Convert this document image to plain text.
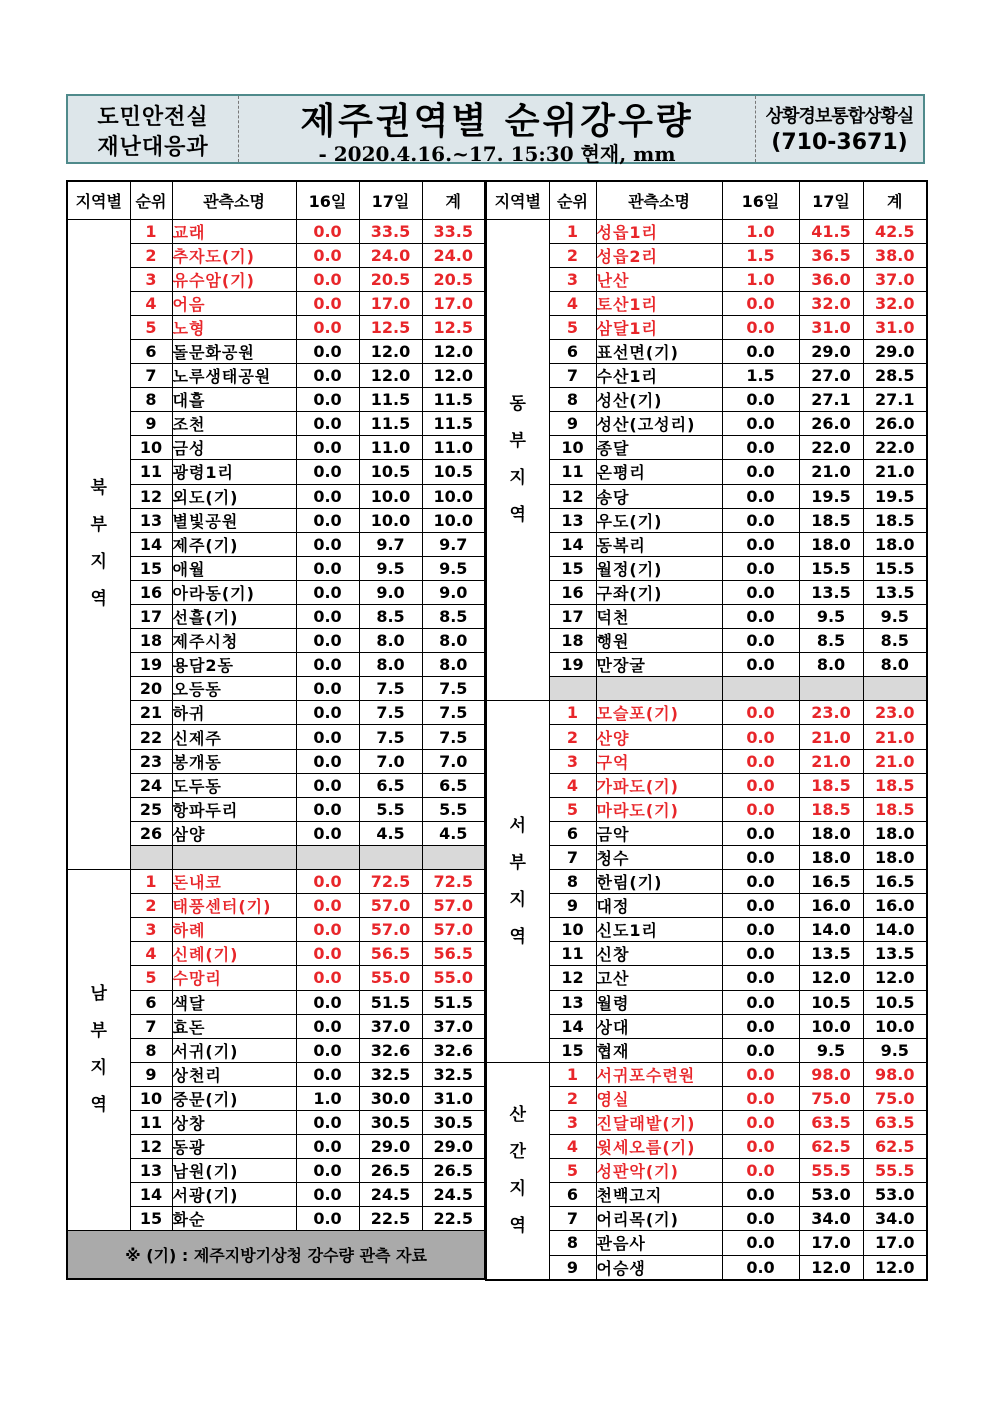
도민안전실
재난대응과
제주권역별 순위강우량
- 2020.4.16.~17. 15:30 현재, mm
상황경보통합상황실
(710-3671)
지역별	순위	관측소명	16일	17일	계
북
부
지
역	1	교래	0.0	33.5	33.5
	2	추자도(기)	0.0	24.0	24.0
	3	유수암(기)	0.0	20.5	20.5
	4	어음	0.0	17.0	17.0
	5	노형	0.0	12.5	12.5
	6	돌문화공원	0.0	12.0	12.0
	7	노루생태공원	0.0	12.0	12.0
	8	대흘	0.0	11.5	11.5
	9	조천	0.0	11.5	11.5
	10	금성	0.0	11.0	11.0
	11	광령1리	0.0	10.5	10.5
	12	외도(기)	0.0	10.0	10.0
	13	별빛공원	0.0	10.0	10.0
	14	제주(기)	0.0	9.7	9.7
	15	애월	0.0	9.5	9.5
	16	아라동(기)	0.0	9.0	9.0
	17	선흘(기)	0.0	8.5	8.5
	18	제주시청	0.0	8.0	8.0
	19	용담2동	0.0	8.0	8.0
	20	오등동	0.0	7.5	7.5
	21	하귀	0.0	7.5	7.5
	22	신제주	0.0	7.5	7.5
	23	봉개동	0.0	7.0	7.0
	24	도두동	0.0	6.5	6.5
	25	항파두리	0.0	5.5	5.5
	26	삼양	0.0	4.5	4.5

남
부
지
역	1	돈내코	0.0	72.5	72.5
	2	태풍센터(기)	0.0	57.0	57.0
	3	하례	0.0	57.0	57.0
	4	신례(기)	0.0	56.5	56.5
	5	수망리	0.0	55.0	55.0
	6	색달	0.0	51.5	51.5
	7	효돈	0.0	37.0	37.0
	8	서귀(기)	0.0	32.6	32.6
	9	상천리	0.0	32.5	32.5
	10	중문(기)	1.0	30.0	31.0
	11	상창	0.0	30.5	30.5
	12	동광	0.0	29.0	29.0
	13	남원(기)	0.0	26.5	26.5
	14	서광(기)	0.0	24.5	24.5
	15	화순	0.0	22.5	22.5
※ (기) : 제주지방기상청 강수량 관측 자료					
지역별	순위	관측소명	16일	17일	계
동
부
지
역	1	성읍1리	1.0	41.5	42.5
	2	성읍2리	1.5	36.5	38.0
	3	난산	1.0	36.0	37.0
	4	토산1리	0.0	32.0	32.0
	5	삼달1리	0.0	31.0	31.0
	6	표선면(기)	0.0	29.0	29.0
	7	수산1리	1.5	27.0	28.5
	8	성산(기)	0.0	27.1	27.1
	9	성산(고성리)	0.0	26.0	26.0
	10	종달	0.0	22.0	22.0
	11	온평리	0.0	21.0	21.0
	12	송당	0.0	19.5	19.5
	13	우도(기)	0.0	18.5	18.5
	14	동복리	0.0	18.0	18.0
	15	월정(기)	0.0	15.5	15.5
	16	구좌(기)	0.0	13.5	13.5
	17	덕천	0.0	9.5	9.5
	18	행원	0.0	8.5	8.5
	19	만장굴	0.0	8.0	8.0

서
부
지
역	1	모슬포(기)	0.0	23.0	23.0
	2	산양	0.0	21.0	21.0
	3	구억	0.0	21.0	21.0
	4	가파도(기)	0.0	18.5	18.5
	5	마라도(기)	0.0	18.5	18.5
	6	금악	0.0	18.0	18.0
	7	청수	0.0	18.0	18.0
	8	한림(기)	0.0	16.5	16.5
	9	대정	0.0	16.0	16.0
	10	신도1리	0.0	14.0	14.0
	11	신창	0.0	13.5	13.5
	12	고산	0.0	12.0	12.0
	13	월령	0.0	10.5	10.5
	14	상대	0.0	10.0	10.0
	15	협재	0.0	9.5	9.5
산
간
지
역	1	서귀포수련원	0.0	98.0	98.0
	2	영실	0.0	75.0	75.0
	3	진달래밭(기)	0.0	63.5	63.5
	4	윗세오름(기)	0.0	62.5	62.5
	5	성판악(기)	0.0	55.5	55.5
	6	천백고지	0.0	53.0	53.0
	7	어리목(기)	0.0	34.0	34.0
	8	관음사	0.0	17.0	17.0
	9	어승생	0.0	12.0	12.0
